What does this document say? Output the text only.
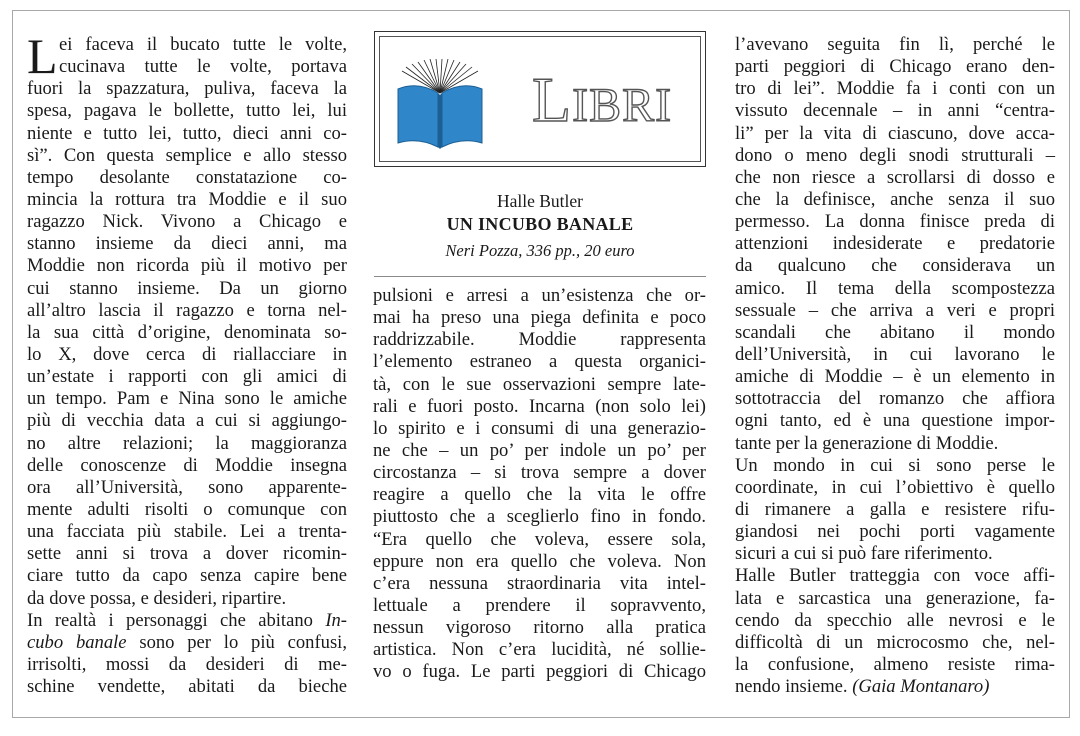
LIBRI
Halle Butler
UN INCUBO BANALE
Neri Pozza, 336 pp., 20 euro
L ei faceva il bucato tutte le volte,
cucinava tutte le volte, portava
fuori la spazzatura, puliva, faceva la
spesa, pagava le bollette, tutto lei, lui
niente e tutto lei, tutto, dieci anni co-
sì”. Con questa semplice e allo stesso
tempo desolante constatazione co-
mincia la rottura tra Moddie e il suo
ragazzo Nick. Vivono a Chicago e
stanno insieme da dieci anni, ma
Moddie non ricorda più il motivo per
cui stanno insieme. Da un giorno
all’altro lascia il ragazzo e torna nel-
la sua città d’origine, denominata so-
lo X, dove cerca di riallacciare in
un’estate i rapporti con gli amici di
un tempo. Pam e Nina sono le amiche
più di vecchia data a cui si aggiungo-
no altre relazioni; la maggioranza
delle conoscenze di Moddie insegna
ora all’Università, sono apparente-
mente adulti risolti o comunque con
una facciata più stabile. Lei a trenta-
sette anni si trova a dover ricomin-
ciare tutto da capo senza capire bene
da dove possa, e desideri, ripartire.
In realtà i personaggi che abitano In-
cubo banale sono per lo più confusi,
irrisolti, mossi da desideri di me-
schine vendette, abitati da bieche
pulsioni e arresi a un’esistenza che or-
mai ha preso una piega definita e poco
raddrizzabile. Moddie rappresenta
l’elemento estraneo a questa organici-
tà, con le sue osservazioni sempre late-
rali e fuori posto. Incarna (non solo lei)
lo spirito e i consumi di una generazio-
ne che – un po’ per indole un po’ per
circostanza – si trova sempre a dover
reagire a quello che la vita le offre
piuttosto che a sceglierlo fino in fondo.
“Era quello che voleva, essere sola,
eppure non era quello che voleva. Non
c’era nessuna straordinaria vita intel-
lettuale a prendere il sopravvento,
nessun vigoroso ritorno alla pratica
artistica. Non c’era lucidità, né sollie-
vo o fuga. Le parti peggiori di Chicago
l’avevano seguita fin lì, perché le
parti peggiori di Chicago erano den-
tro di lei”. Moddie fa i conti con un
vissuto decennale – in anni “centra-
li” per la vita di ciascuno, dove acca-
dono o meno degli snodi strutturali –
che non riesce a scrollarsi di dosso e
che la definisce, anche senza il suo
permesso. La donna finisce preda di
attenzioni indesiderate e predatorie
da qualcuno che considerava un
amico. Il tema della scompostezza
sessuale – che arriva a veri e propri
scandali che abitano il mondo
dell’Università, in cui lavorano le
amiche di Moddie – è un elemento in
sottotraccia del romanzo che affiora
ogni tanto, ed è una questione impor-
tante per la generazione di Moddie.
Un mondo in cui si sono perse le
coordinate, in cui l’obiettivo è quello
di rimanere a galla e resistere rifu-
giandosi nei pochi porti vagamente
sicuri a cui si può fare riferimento.
Halle Butler tratteggia con voce affi-
lata e sarcastica una generazione, fa-
cendo da specchio alle nevrosi e le
difficoltà di un microcosmo che, nel-
la confusione, almeno resiste rima-
nendo insieme. (Gaia Montanaro)
